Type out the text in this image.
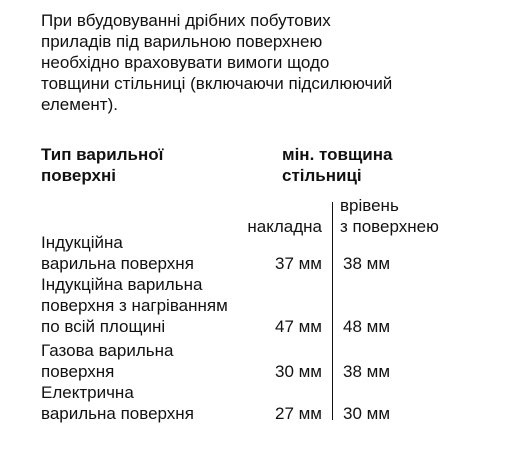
При вбудовуванні дрібних побутових
приладів під варильною поверхнею
необхідно враховувати вимоги щодо
товщини стільниці (включаючи підсилюючий
елемент).

Тип варильної
поверхні
мін. товщина
стільниці
врівень
з поверхнею
накладна
Індукційна
варильна поверхня	37 мм 38 мм
Індукційна варильна
поверхня з нагріванням
по всій площині	47 мм 48 мм
Газова варильна
поверхня	30 мм 38 мм
Електрична
варильна поверхня	27 мм 30 мм
